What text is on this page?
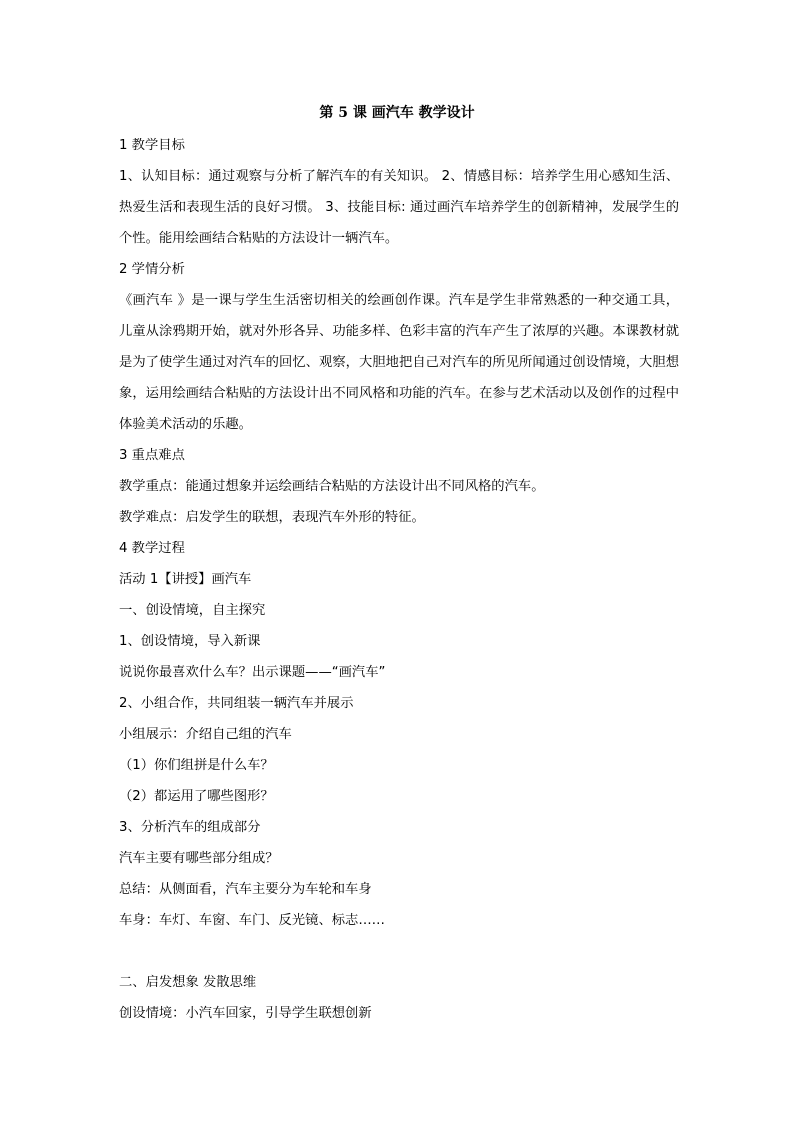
第 5 课 画汽车 教学设计

1 教学目标

1、认知目标：通过观察与分析了解汽车的有关知识。 2、情感目标：培养学生用心感知生活、热爱生活和表现生活的良好习惯。 3、技能目标: 通过画汽车培养学生的创新精神，发展学生的个性。能用绘画结合粘贴的方法设计一辆汽车。

2 学情分析

《画汽车 》是一课与学生生活密切相关的绘画创作课。汽车是学生非常熟悉的一种交通工具，儿童从涂鸦期开始，就对外形各异、功能多样、色彩丰富的汽车产生了浓厚的兴趣。本课教材就是为了使学生通过对汽车的回忆、观察，大胆地把自己对汽车的所见所闻通过创设情境，大胆想象，运用绘画结合粘贴的方法设计出不同风格和功能的汽车。在参与艺术活动以及创作的过程中体验美术活动的乐趣。

3 重点难点

教学重点：能通过想象并运绘画结合粘贴的方法设计出不同风格的汽车。

教学难点：启发学生的联想，表现汽车外形的特征。

4 教学过程

活动 1【讲授】画汽车

一、创设情境，自主探究

1、创设情境，导入新课

说说你最喜欢什么车？出示课题——“画汽车”

2、小组合作，共同组装一辆汽车并展示

小组展示：介绍自己组的汽车

（1）你们组拼是什么车？

（2）都运用了哪些图形？

3、分析汽车的组成部分

汽车主要有哪些部分组成？

总结：从侧面看，汽车主要分为车轮和车身

车身：车灯、车窗、车门、反光镜、标志……

二、启发想象 发散思维

创设情境：小汽车回家，引导学生联想创新
